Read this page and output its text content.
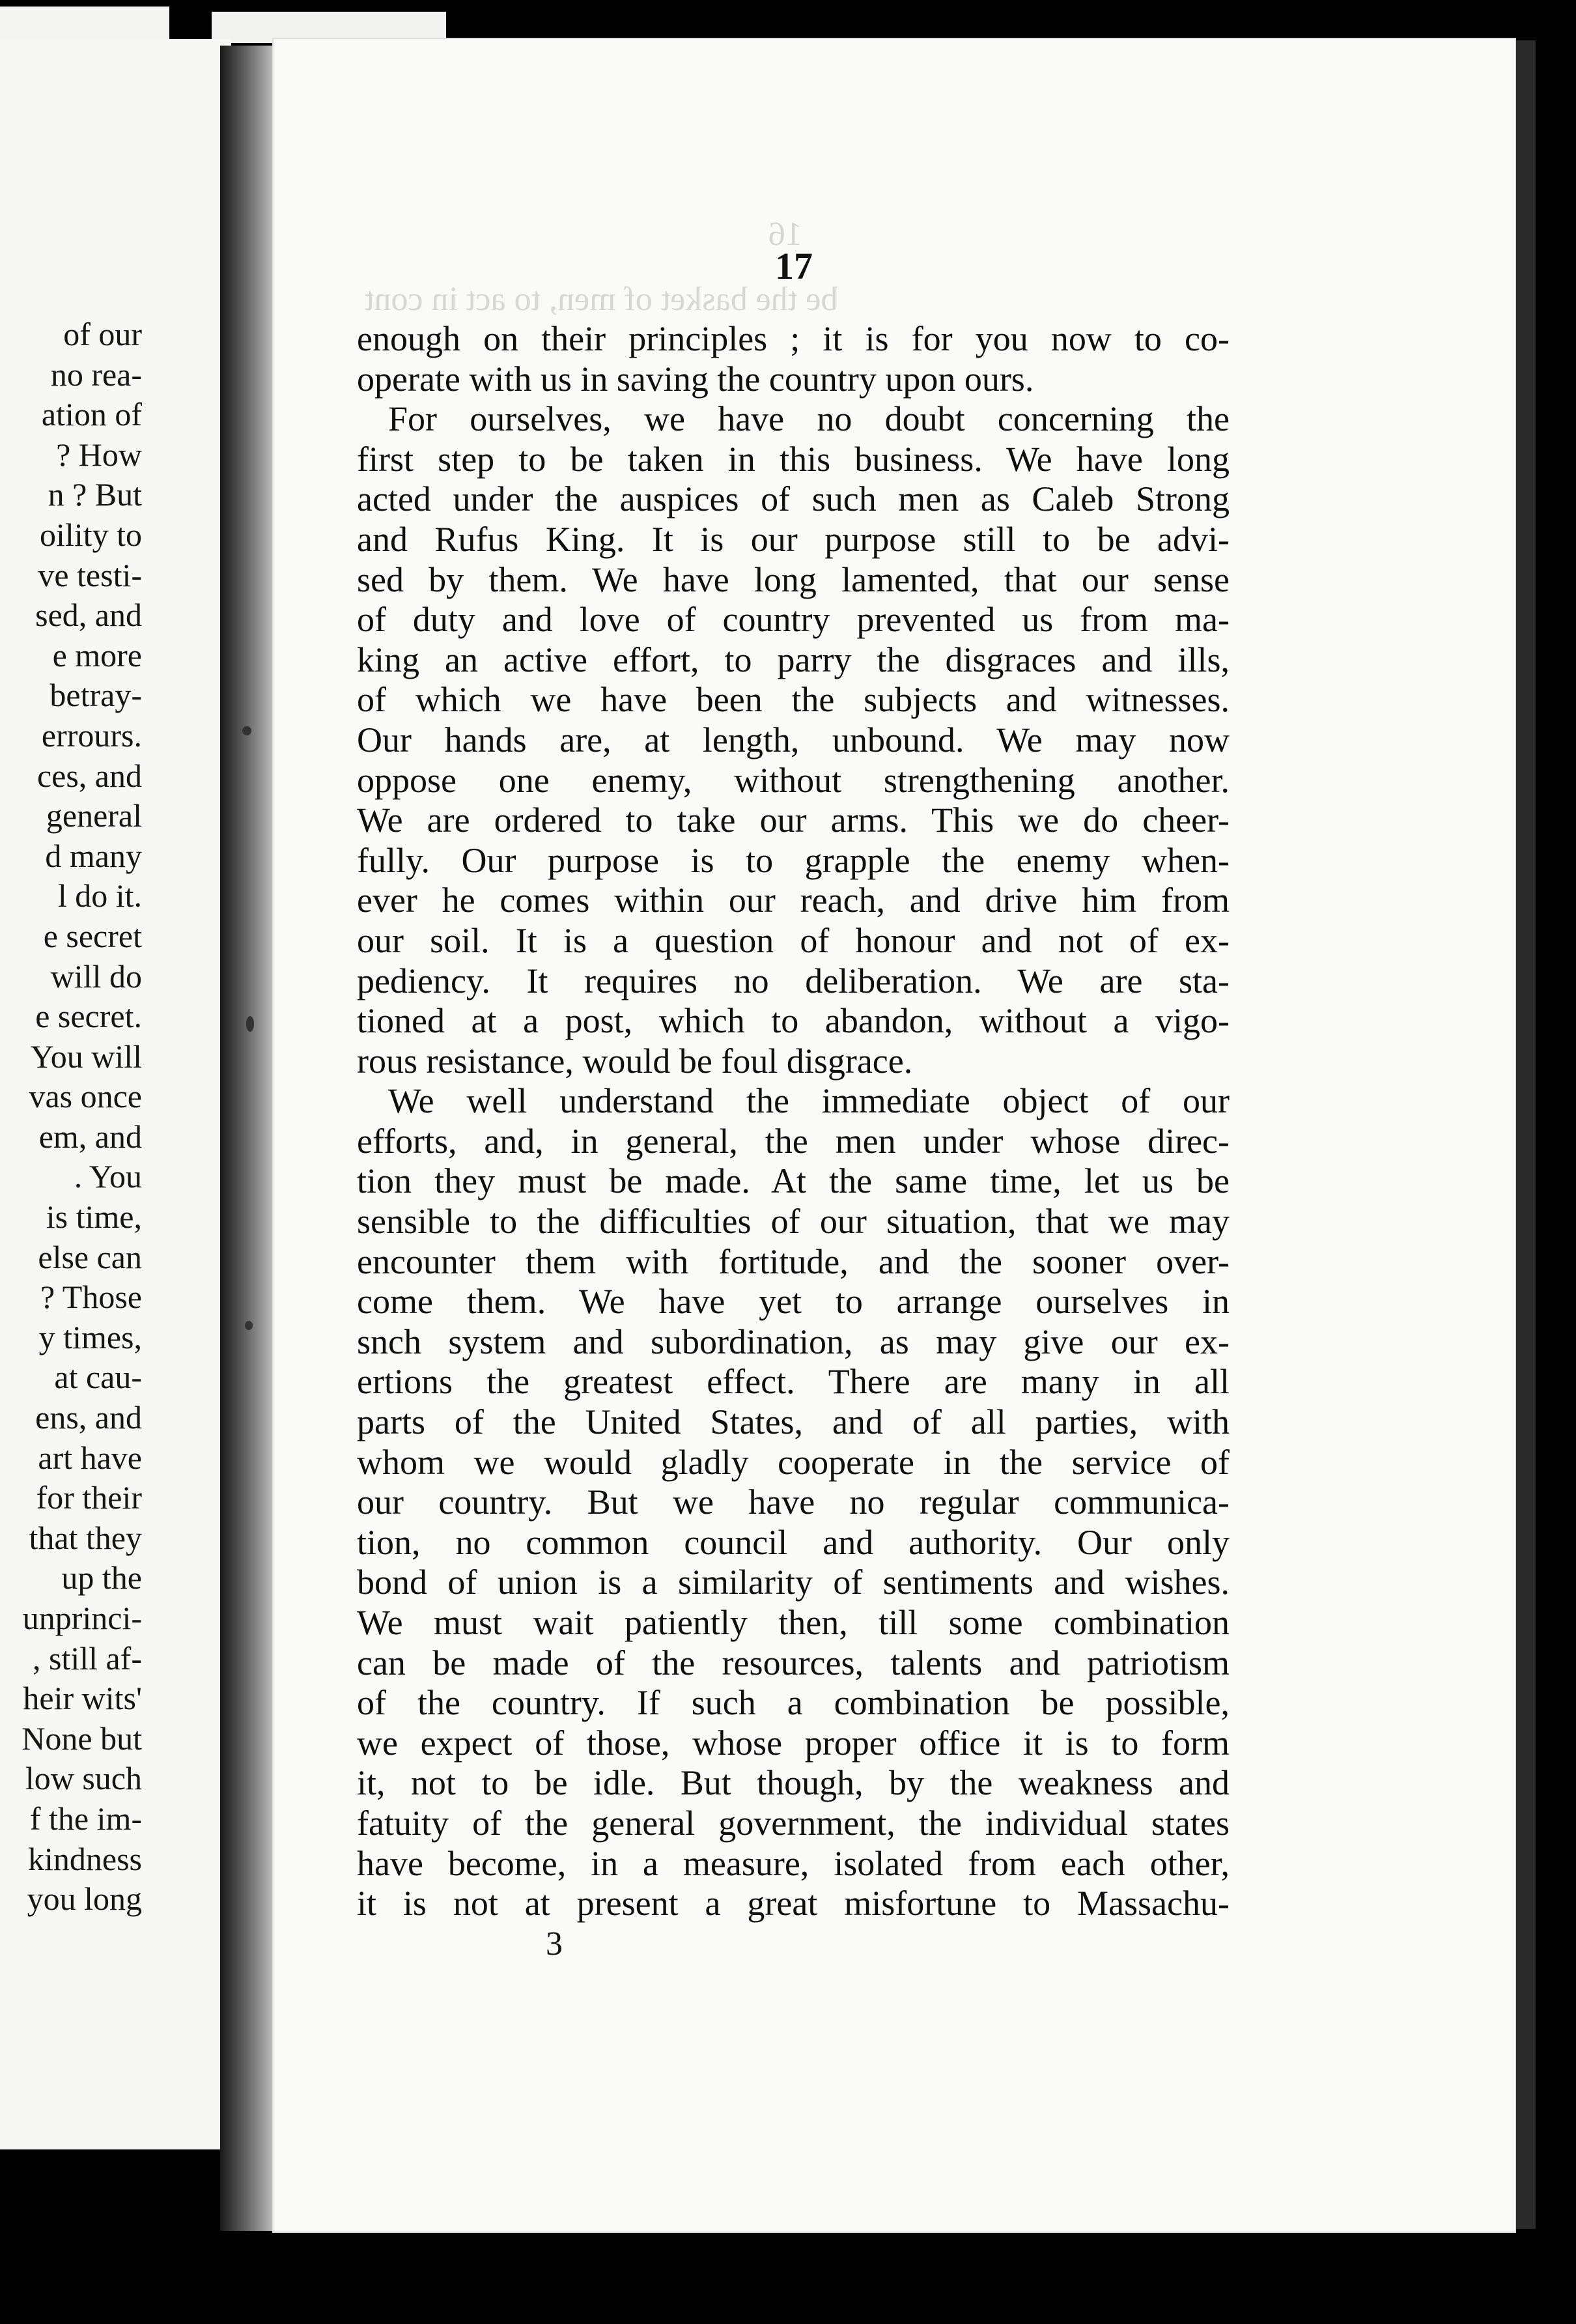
of our
no rea-
ation of
? How
n ? But
oility to
ve testi-
sed, and
e more
betray-
errours.
ces, and
general
d many
l do it.
e secret
will do
e secret.
You will
vas once
em, and
. You
is time,
else can
? Those
y times,
at cau-
ens, and
art have
for their
that they
up the
unprinci-
, still af-
heir wits'
None but
low such
f the im-
kindness
you long
16
be the basket of men, to act in cont
17
enough on their principles ; it is for you now to co-
operate with us in saving the country upon ours.
For ourselves, we have no doubt concerning the
first step to be taken in this business. We have long
acted under the auspices of such men as Caleb Strong
and Rufus King. It is our purpose still to be advi-
sed by them. We have long lamented, that our sense
of duty and love of country prevented us from ma-
king an active effort, to parry the disgraces and ills,
of which we have been the subjects and witnesses.
Our hands are, at length, unbound. We may now
oppose one enemy, without strengthening another.
We are ordered to take our arms. This we do cheer-
fully. Our purpose is to grapple the enemy when-
ever he comes within our reach, and drive him from
our soil. It is a question of honour and not of ex-
pediency. It requires no deliberation. We are sta-
tioned at a post, which to abandon, without a vigo-
rous resistance, would be foul disgrace.
We well understand the immediate object of our
efforts, and, in general, the men under whose direc-
tion they must be made. At the same time, let us be
sensible to the difficulties of our situation, that we may
encounter them with fortitude, and the sooner over-
come them. We have yet to arrange ourselves in
snch system and subordination, as may give our ex-
ertions the greatest effect. There are many in all
parts of the United States, and of all parties, with
whom we would gladly cooperate in the service of
our country. But we have no regular communica-
tion, no common council and authority. Our only
bond of union is a similarity of sentiments and wishes.
We must wait patiently then, till some combination
can be made of the resources, talents and patriotism
of the country. If such a combination be possible,
we expect of those, whose proper office it is to form
it, not to be idle. But though, by the weakness and
fatuity of the general government, the individual states
have become, in a measure, isolated from each other,
it is not at present a great misfortune to Massachu-
3
